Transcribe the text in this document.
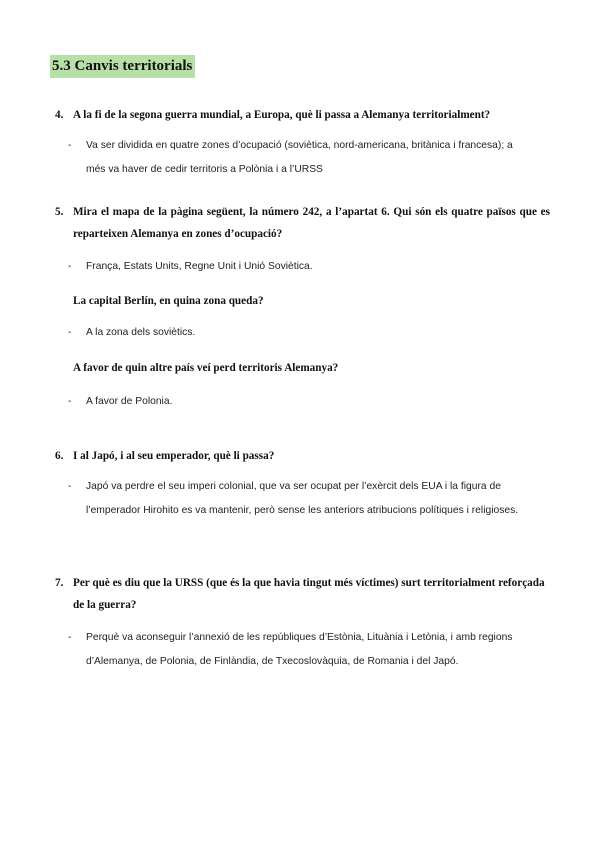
5.3 Canvis territorials
4. A la fi de la segona guerra mundial, a Europa, què li passa a Alemanya territorialment?
- Va ser dividida en quatre zones d’ocupació (soviètica, nord-americana, britànica i francesa); a més va haver de cedir territoris a Polònia i a l’URSS
5. Mira el mapa de la pàgina següent, la número 242, a l’apartat 6. Qui són els quatre països que es reparteixen Alemanya en zones d’ocupació?
- França, Estats Units, Regne Unit i Unió Soviètica.
La capital Berlín, en quina zona queda?
- A la zona dels soviètics.
A favor de quin altre país veí perd territoris Alemanya?
- A favor de Polonia.
6. I al Japó, i al seu emperador, què li passa?
- Japó va perdre el seu imperi colonial, que va ser ocupat per l’exèrcit dels EUA i la figura de l’emperador Hirohito es va mantenir, però sense les anteriors atribucions polítiques i religioses.
7. Per què es diu que la URSS (que és la que havia tingut més víctimes) surt territorialment reforçada de la guerra?
- Perquè va aconseguir l’annexió de les repúbliques d’Estònia, Lituània i Letònia, i amb regions d’Alemanya, de Polonia, de Finlàndia, de Txecoslovàquia, de Romania i del Japó.
